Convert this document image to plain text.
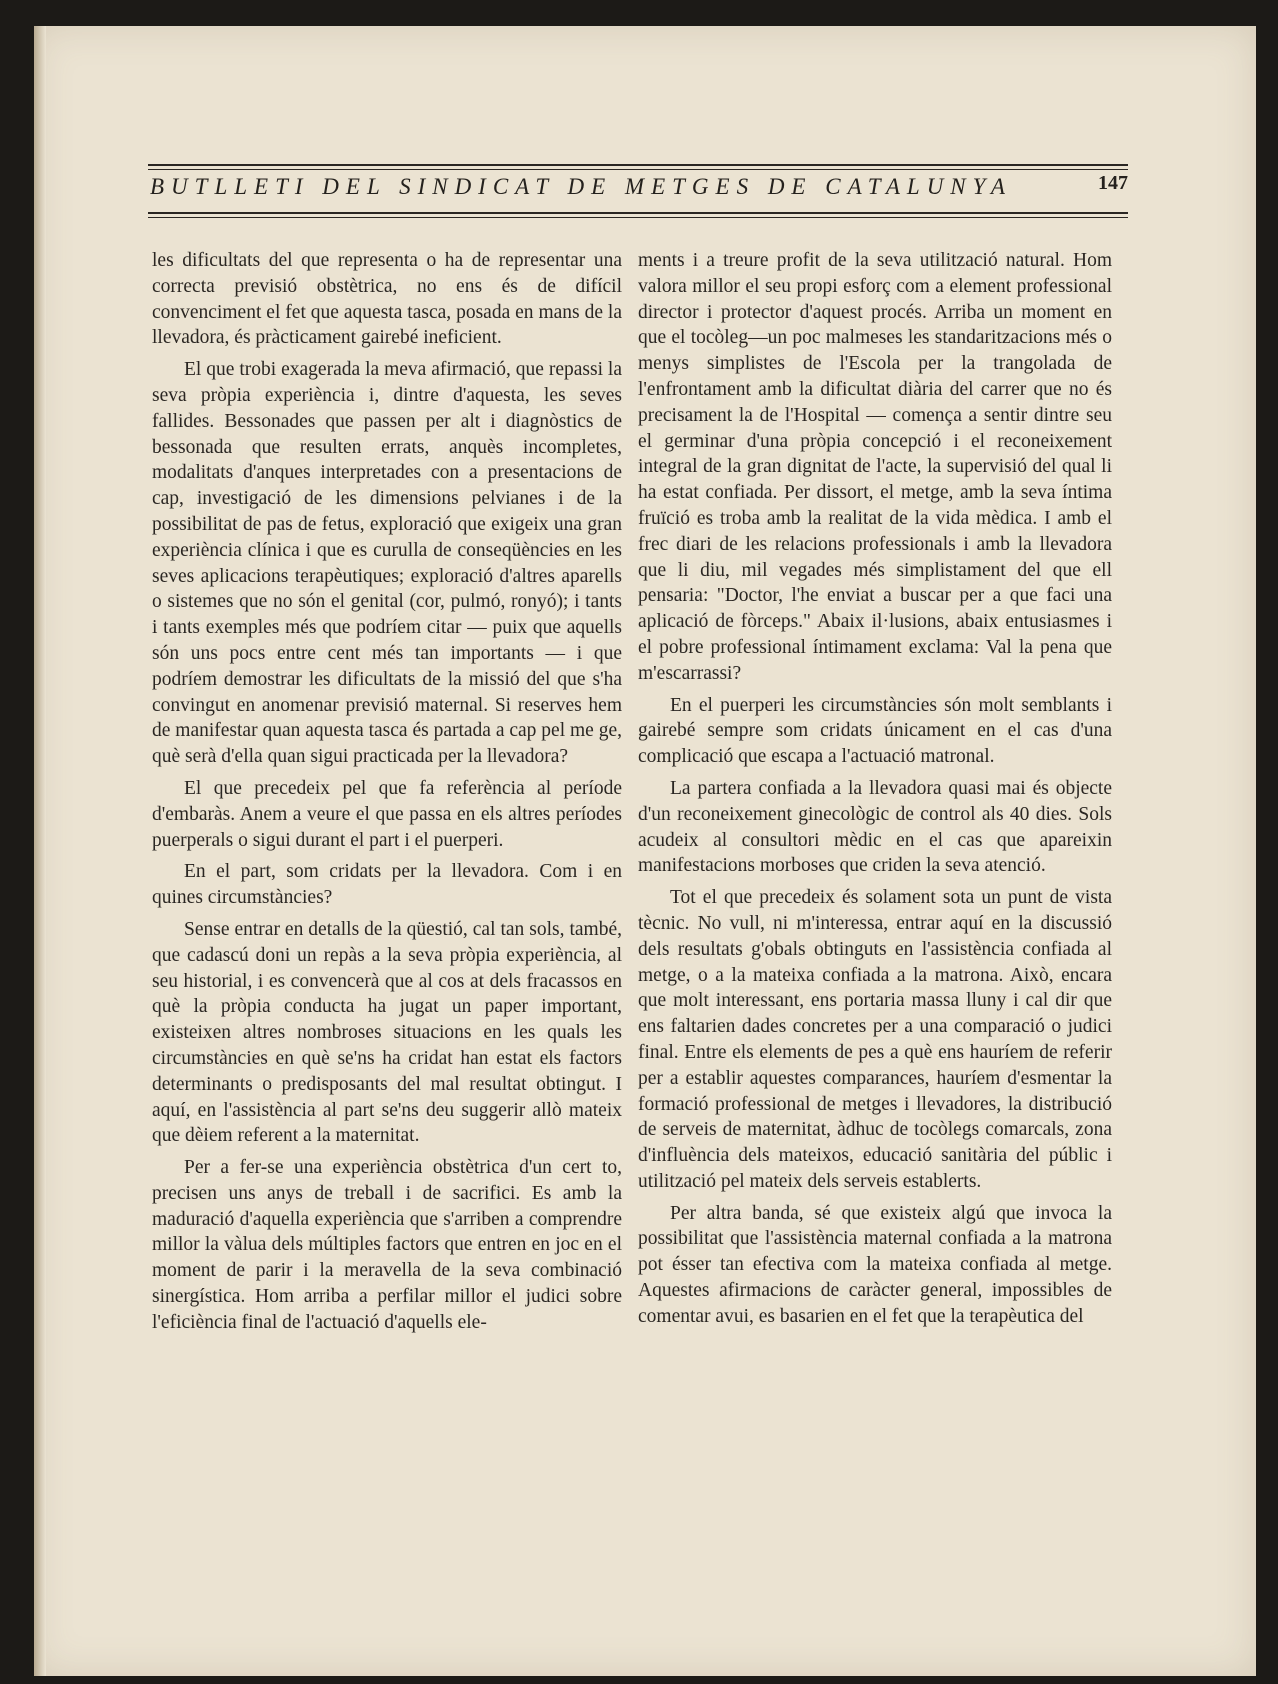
BUTLLETI DEL SINDICAT DE METGES DE CATALUNYA	147

les dificultats del que representa o ha de representar una correcta previsió obstètrica, no ens és de difícil convenciment el fet que aquesta tasca, posada en mans de la llevadora, és pràcticament gairebé ineficient.

El que trobi exagerada la meva afirmació, que repassi la seva pròpia experiència i, dintre d'aquesta, les seves fallides. Bessonades que passen per alt i diagnòstics de bessonada que resulten errats, anquès incompletes, modalitats d'anques interpretades con a presentacions de cap, investigació de les dimensions pelvianes i de la possibilitat de pas de fetus, exploració que exigeix una gran experiència clínica i que es curulla de conseqüències en les seves aplicacions terapèutiques; exploració d'altres aparells o sistemes que no són el genital (cor, pulmó, ronyó); i tants i tants exemples més que podríem citar — puix que aquells són uns pocs entre cent més tan importants — i que podríem demostrar les dificultats de la missió del que s'ha convingut en anomenar previsió maternal. Si reserves hem de manifestar quan aquesta tasca és partada a cap pel me ge, què serà d'ella quan sigui practicada per la llevadora?

El que precedeix pel que fa referència al període d'embaràs. Anem a veure el que passa en els altres períodes puerperals o sigui durant el part i el puerperi.

En el part, som cridats per la llevadora. Com i en quines circumstàncies?

Sense entrar en detalls de la qüestió, cal tan sols, també, que cadascú doni un repàs a la seva pròpia experiència, al seu historial, i es convencerà que al cos at dels fracassos en què la pròpia conducta ha jugat un paper important, existeixen altres nombroses situacions en les quals les circumstàncies en què se'ns ha cridat han estat els factors determinants o predisposants del mal resultat obtingut. I aquí, en l'assistència al part se'ns deu suggerir allò mateix que dèiem referent a la maternitat.

Per a fer-se una experiència obstètrica d'un cert to, precisen uns anys de treball i de sacrifici. Es amb la maduració d'aquella experiència que s'arriben a comprendre millor la vàlua dels múltiples factors que entren en joc en el moment de parir i la meravella de la seva combinació sinergística. Hom arriba a perfilar millor el judici sobre l'eficiència final de l'actuació d'aquells ele-

ments i a treure profit de la seva utilització natural. Hom valora millor el seu propi esforç com a element professional director i protector d'aquest procés. Arriba un moment en que el tocòleg—un poc malmeses les standaritzacions més o menys simplistes de l'Escola per la trangolada de l'enfrontament amb la dificultat diària del carrer que no és precisament la de l'Hospital — comença a sentir dintre seu el germinar d'una pròpia concepció i el reconeixement integral de la gran dignitat de l'acte, la supervisió del qual li ha estat confiada. Per dissort, el metge, amb la seva íntima fruïció es troba amb la realitat de la vida mèdica. I amb el frec diari de les relacions professionals i amb la llevadora que li diu, mil vegades més simplistament del que ell pensaria: "Doctor, l'he enviat a buscar per a que faci una aplicació de fòrceps." Abaix il·lusions, abaix entusiasmes i el pobre professional íntimament exclama: Val la pena que m'escarrassi?

En el puerperi les circumstàncies són molt semblants i gairebé sempre som cridats únicament en el cas d'una complicació que escapa a l'actuació matronal.

La partera confiada a la llevadora quasi mai és objecte d'un reconeixement ginecològic de control als 40 dies. Sols acudeix al consultori mèdic en el cas que apareixin manifestacions morboses que criden la seva atenció.

Tot el que precedeix és solament sota un punt de vista tècnic. No vull, ni m'interessa, entrar aquí en la discussió dels resultats g'obals obtinguts en l'assistència confiada al metge, o a la mateixa confiada a la matrona. Això, encara que molt interessant, ens portaria massa lluny i cal dir que ens faltarien dades concretes per a una comparació o judici final. Entre els elements de pes a què ens hauríem de referir per a establir aquestes comparances, hauríem d'esmentar la formació professional de metges i llevadores, la distribució de serveis de maternitat, àdhuc de tocòlegs comarcals, zona d'influència dels mateixos, educació sanitària del públic i utilització pel mateix dels serveis establerts.

Per altra banda, sé que existeix algú que invoca la possibilitat que l'assistència maternal confiada a la matrona pot ésser tan efectiva com la mateixa confiada al metge. Aquestes afirmacions de caràcter general, impossibles de comentar avui, es basarien en el fet que la terapèutica del
